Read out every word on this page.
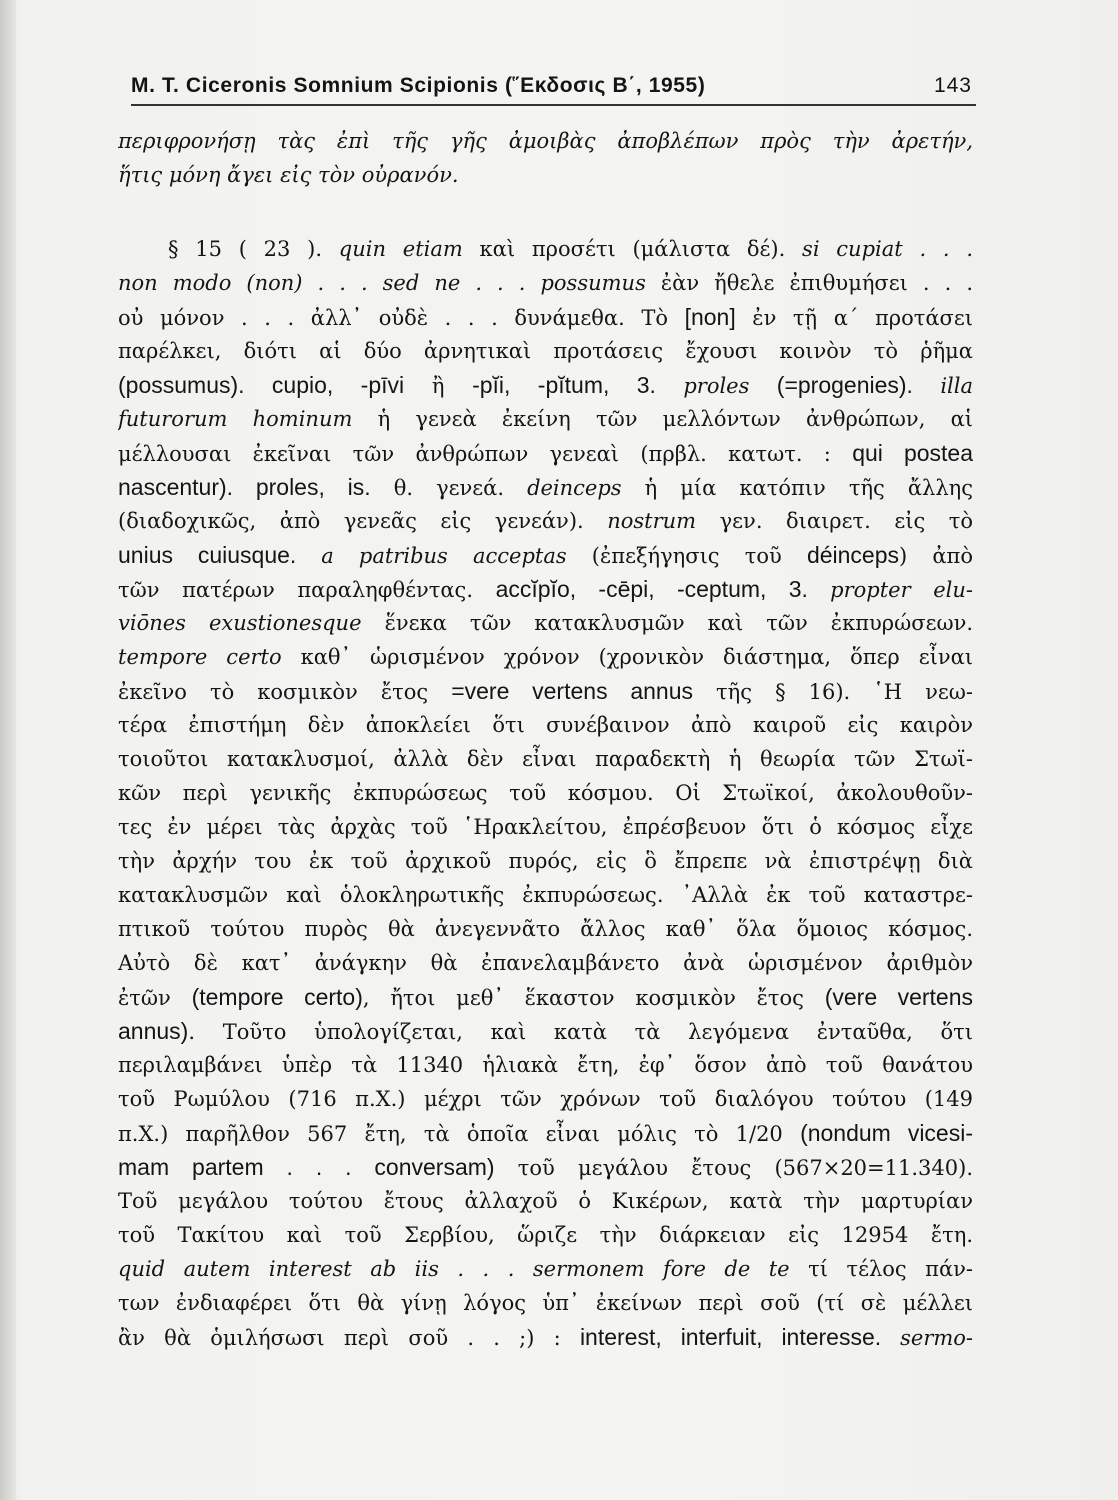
M. T. Ciceronis Somnium Scipionis (῞Εκδοσις Β΄, 1955)	143
περιφρονήσῃ τὰς ἐπὶ τῆς γῆς ἀμοιβὰς ἀποβλέπων πρὸς τὴν ἀρετήν,
ἥτις μόνη ἄγει εἰς τὸν οὐρανόν.
§ 15 ( 23 ). quin etiam καὶ προσέτι (μάλιστα δέ). si cupiat . . .
non modo (non) . . . sed ne . . . possumus ἐὰν ἤθελε ἐπιθυμήσει . . .
οὐ μόνον . . . ἀλλ᾽ οὐδὲ . . . δυνάμεθα. Τὸ [non] ἐν τῇ α΄ προτάσει
παρέλκει, διότι αἱ δύο ἀρνητικαὶ προτάσεις ἔχουσι κοινὸν τὸ ῥῆμα
(possumus). cupio, -pīvi ἢ -pĭi, -pĭtum, 3. proles (=progenies). illa
futurorum hominum ἡ γενεὰ ἐκείνη τῶν μελλόντων ἀνθρώπων, αἱ
μέλλουσαι ἐκεῖναι τῶν ἀνθρώπων γενεαὶ (πρβλ. κατωτ. : qui postea
nascentur). proles, is. θ. γενεά. deinceps ἡ μία κατόπιν τῆς ἄλλης
(διαδοχικῶς, ἀπὸ γενεᾶς εἰς γενεάν). nostrum γεν. διαιρετ. εἰς τὸ
unius cuiusque. a patribus acceptas (ἐπεξήγησις τοῦ déinceps) ἀπὸ
τῶν πατέρων παραληφθέντας. accĭpĭo, -cēpi, -ceptum, 3. propter elu-
viōnes exustionesque ἕνεκα τῶν κατακλυσμῶν καὶ τῶν ἐκπυρώσεων.
tempore certo καθ᾽ ὡρισμένον χρόνον (χρονικὸν διάστημα, ὅπερ εἶναι
ἐκεῖνο τὸ κοσμικὸν ἔτος =vere vertens annus τῆς § 16). ῾Η νεω-
τέρα ἐπιστήμη δὲν ἀποκλείει ὅτι συνέβαινον ἀπὸ καιροῦ εἰς καιρὸν
τοιοῦτοι κατακλυσμοί, ἀλλὰ δὲν εἶναι παραδεκτὴ ἡ θεωρία τῶν Στωϊ-
κῶν περὶ γενικῆς ἐκπυρώσεως τοῦ κόσμου. Οἱ Στωϊκοί, ἀκολουθοῦν-
τες ἐν μέρει τὰς ἀρχὰς τοῦ ῾Ηρακλείτου, ἐπρέσβευον ὅτι ὁ κόσμος εἶχε
τὴν ἀρχήν του ἐκ τοῦ ἀρχικοῦ πυρός, εἰς ὃ ἔπρεπε νὰ ἐπιστρέψῃ διὰ
κατακλυσμῶν καὶ ὁλοκληρωτικῆς ἐκπυρώσεως. ᾽Αλλὰ ἐκ τοῦ καταστρε-
πτικοῦ τούτου πυρὸς θὰ ἀνεγεννᾶτο ἄλλος καθ᾽ ὅλα ὅμοιος κόσμος.
Αὐτὸ δὲ κατ᾽ ἀνάγκην θὰ ἐπανελαμβάνετο ἀνὰ ὡρισμένον ἀριθμὸν
ἐτῶν (tempore certo), ἤτοι μεθ᾽ ἕκαστον κοσμικὸν ἔτος (vere vertens
annus). Τοῦτο ὑπολογίζεται, καὶ κατὰ τὰ λεγόμενα ἐνταῦθα, ὅτι
περιλαμβάνει ὑπὲρ τὰ 11340 ἡλιακὰ ἔτη, ἐφ᾽ ὅσον ἀπὸ τοῦ θανάτου
τοῦ Ρωμύλου (716 π.Χ.) μέχρι τῶν χρόνων τοῦ διαλόγου τούτου (149
π.Χ.) παρῆλθον 567 ἔτη, τὰ ὁποῖα εἶναι μόλις τὸ 1/20 (nondum vicesi-
mam partem . . . conversam) τοῦ μεγάλου ἔτους (567×20=11.340).
Τοῦ μεγάλου τούτου ἔτους ἀλλαχοῦ ὁ Κικέρων, κατὰ τὴν μαρτυρίαν
τοῦ Τακίτου καὶ τοῦ Σερβίου, ὥριζε τὴν διάρκειαν εἰς 12954 ἔτη.
quid autem interest ab iis . . . sermonem fore de te τί τέλος πάν-
των ἐνδιαφέρει ὅτι θὰ γίνῃ λόγος ὑπ᾽ ἐκείνων περὶ σοῦ (τί σὲ μέλλει
ἂν θὰ ὁμιλήσωσι περὶ σοῦ . . ;) : interest, interfuit, interesse. sermo-
